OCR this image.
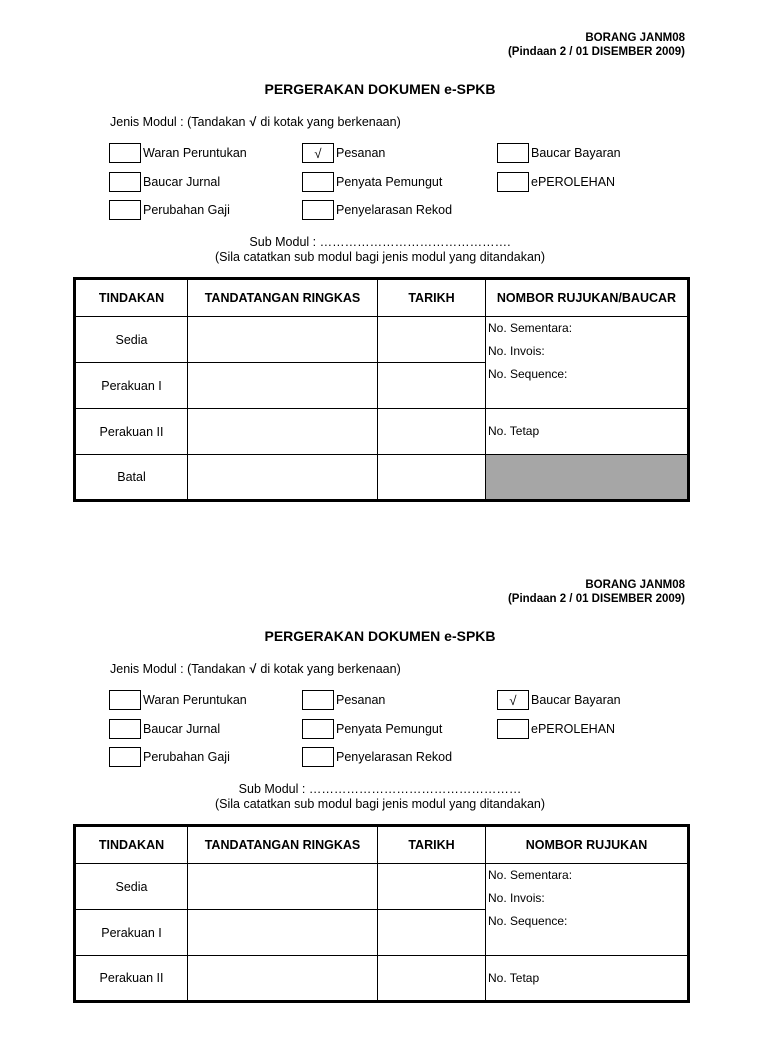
BORANG JANM08
(Pindaan 2 / 01 DISEMBER 2009)
PERGERAKAN DOKUMEN e-SPKB
Jenis Modul : (Tandakan √ di kotak yang berkenaan)
Waran Peruntukan	√	Pesanan	Baucar Bayaran
Baucar Jurnal	Penyata Pemungut	ePEROLEHAN
Perubahan Gaji	Penyelarasan Rekod
Sub Modul : ……………………………………….
(Sila catatkan sub modul bagi jenis modul yang ditandakan)
TINDAKAN	TANDATANGAN RINGKAS	TARIKH	NOMBOR RUJUKAN/BAUCAR
Sedia			No. Sementara:
No. Invois:
No. Sequence:

Perakuan I			
Perakuan II			No. Tetap

Batal			
BORANG JANM08
(Pindaan 2 / 01 DISEMBER 2009)
PERGERAKAN DOKUMEN e-SPKB
Jenis Modul : (Tandakan √ di kotak yang berkenaan)
Waran Peruntukan	Pesanan	√	Baucar Bayaran
Baucar Jurnal	Penyata Pemungut	ePEROLEHAN
Perubahan Gaji	Penyelarasan Rekod
Sub Modul : ……………………………………………
(Sila catatkan sub modul bagi jenis modul yang ditandakan)
TINDAKAN	TANDATANGAN RINGKAS	TARIKH	NOMBOR RUJUKAN
Sedia			No. Sementara:
No. Invois:
No. Sequence:

Perakuan I			
Perakuan II			No. Tetap
